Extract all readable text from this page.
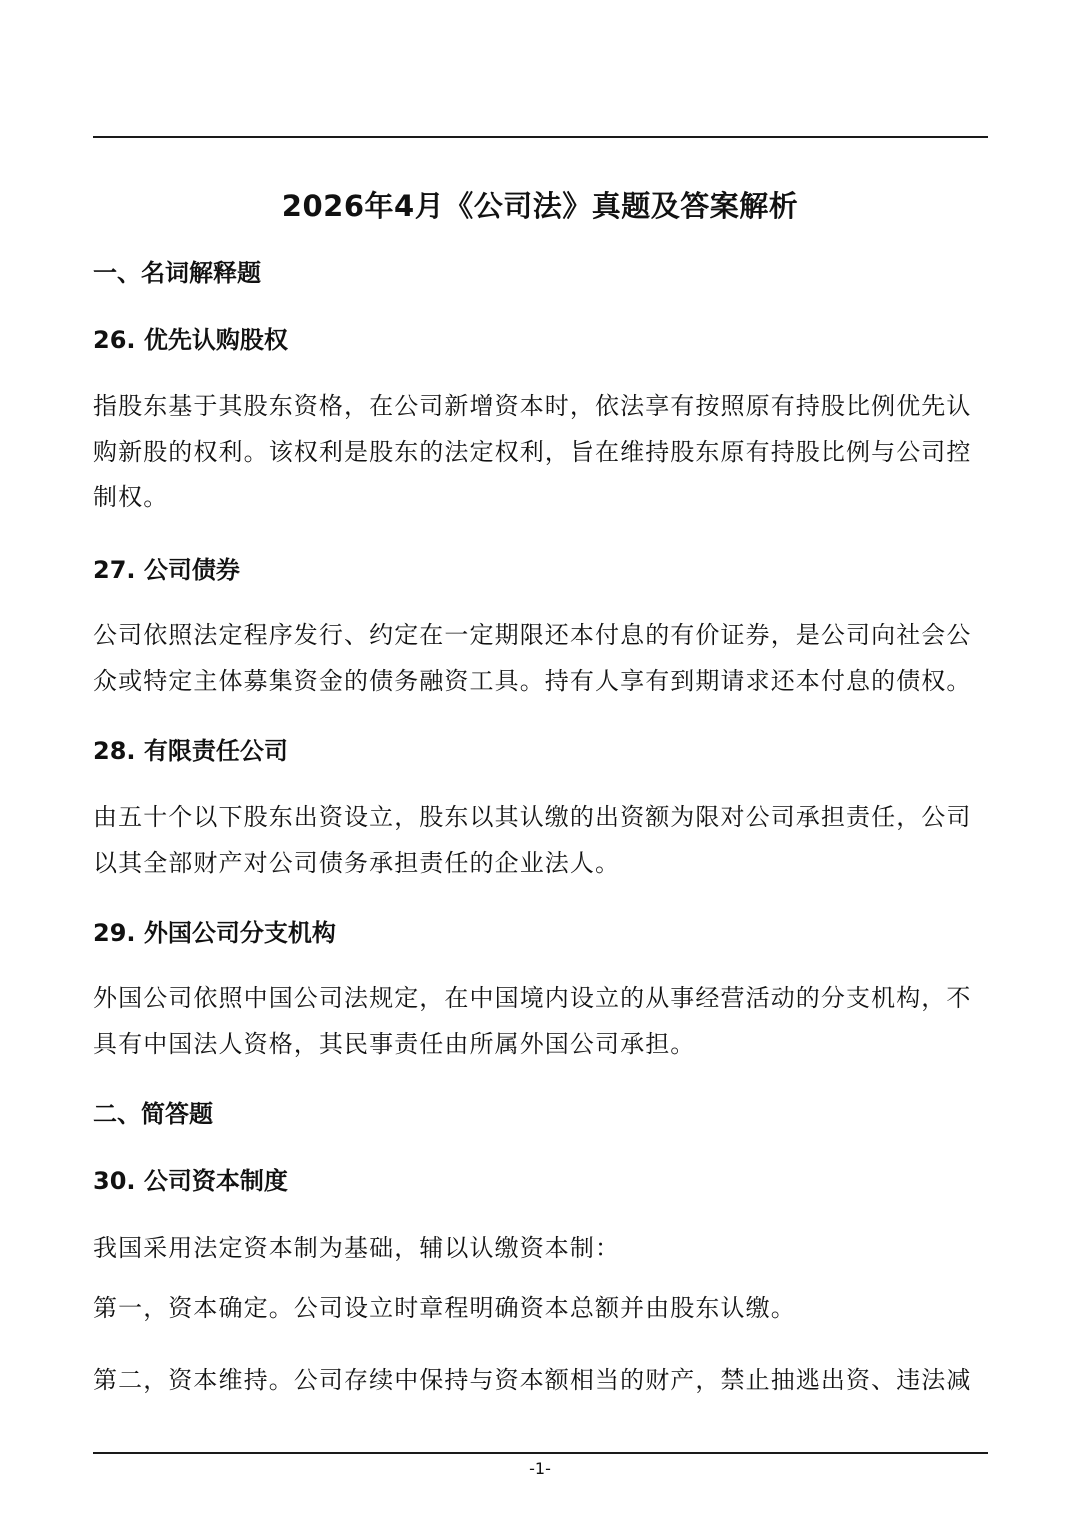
2026年4月《公司法》真题及答案解析
一、名词解释题
26. 优先认购股权
指股东基于其股东资格，在公司新增资本时，依法享有按照原有持股比例优先认
购新股的权利。该权利是股东的法定权利，旨在维持股东原有持股比例与公司控
制权。
27. 公司债券
公司依照法定程序发行、约定在一定期限还本付息的有价证券，是公司向社会公
众或特定主体募集资金的债务融资工具。持有人享有到期请求还本付息的债权。
28. 有限责任公司
由五十个以下股东出资设立，股东以其认缴的出资额为限对公司承担责任，公司
以其全部财产对公司债务承担责任的企业法人。
29. 外国公司分支机构
外国公司依照中国公司法规定，在中国境内设立的从事经营活动的分支机构，不
具有中国法人资格，其民事责任由所属外国公司承担。
二、简答题
30. 公司资本制度
我国采用法定资本制为基础，辅以认缴资本制：
第一，资本确定。公司设立时章程明确资本总额并由股东认缴。
第二，资本维持。公司存续中保持与资本额相当的财产，禁止抽逃出资、违法减
-1-
